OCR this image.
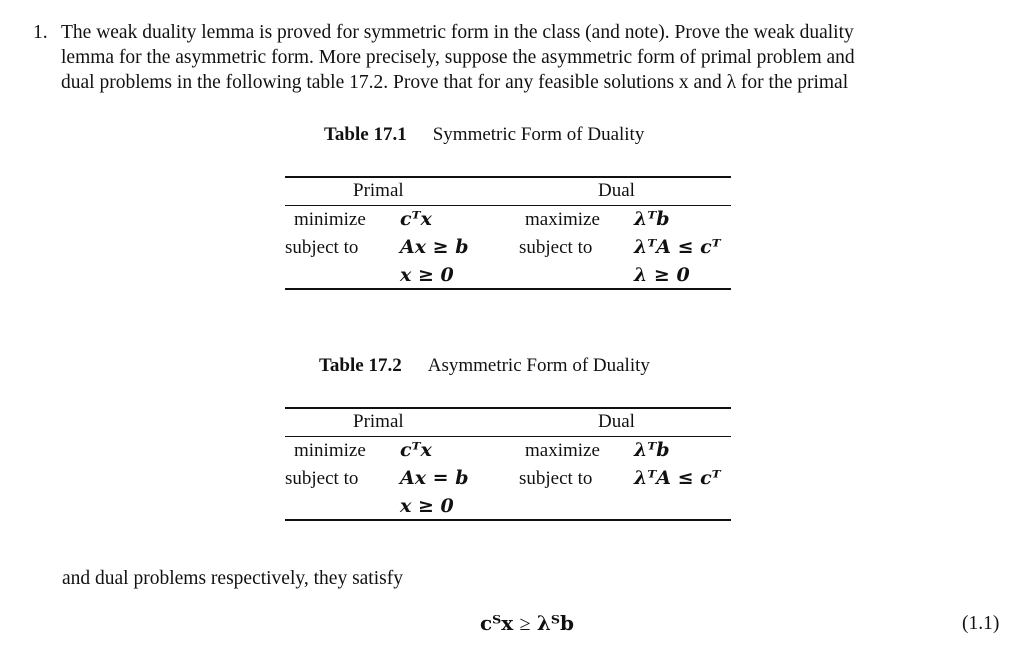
1. The weak duality lemma is proved for symmetric form in the class (and note). Prove the weak duality
lemma for the asymmetric form. More precisely, suppose the asymmetric form of primal problem and
dual problems in the following table 17.2. Prove that for any feasible solutions x and λ for the primal
Table 17.1 Symmetric Form of Duality
Primal	Dual
minimize cᵀx	maximize λᵀb
subject to Ax ≥ b	subject to λᵀA ≤ cᵀ
x ≥ 0	λ ≥ 0
Table 17.2 Asymmetric Form of Duality
Primal	Dual
minimize cᵀx	maximize λᵀb
subject to Ax = b	subject to λᵀA ≤ cᵀ
x ≥ 0
and dual problems respectively, they satisfy
cᵀx ≥ λᵀb	(1.1)
